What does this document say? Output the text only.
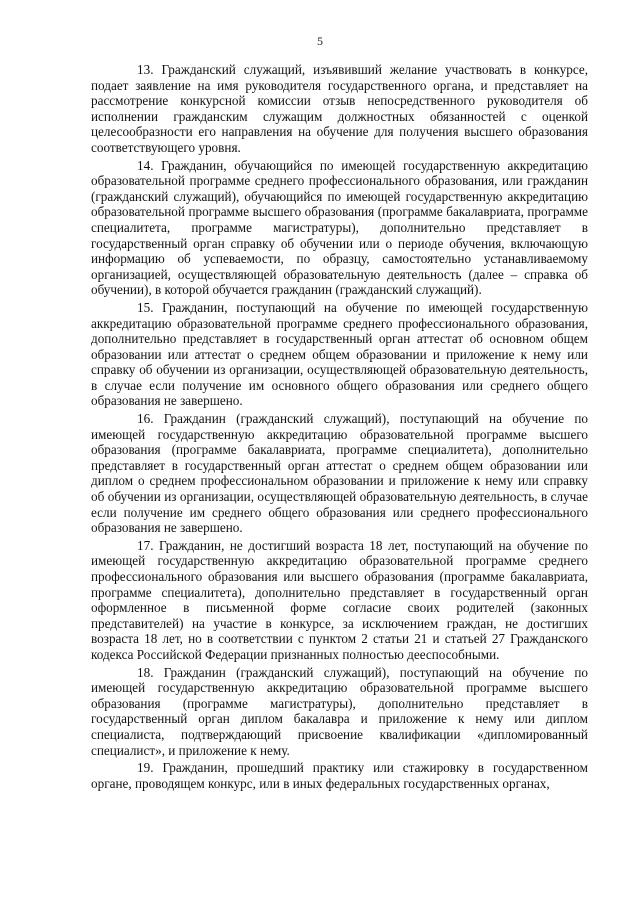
5

13. Гражданский служащий, изъявивший желание участвовать в конкурсе, подает заявление на имя руководителя государственного органа, и представляет на рассмотрение конкурсной комиссии отзыв непосредственного руководителя об исполнении гражданским служащим должностных обязанностей с оценкой целесообразности его направления на обучение для получения высшего образования соответствующего уровня.

14. Гражданин, обучающийся по имеющей государственную аккредитацию образовательной программе среднего профессионального образования, или гражданин (гражданский служащий), обучающийся по имеющей государственную аккредитацию образовательной программе высшего образования (программе бакалавриата, программе специалитета, программе магистратуры), дополнительно представляет в государственный орган справку об обучении или о периоде обучения, включающую информацию об успеваемости, по образцу, самостоятельно устанавливаемому организацией, осуществляющей образовательную деятельность (далее – справка об обучении), в которой обучается гражданин (гражданский служащий).

15. Гражданин, поступающий на обучение по имеющей государственную аккредитацию образовательной программе среднего профессионального образования, дополнительно представляет в государственный орган аттестат об основном общем образовании или аттестат о среднем общем образовании и приложение к нему или справку об обучении из организации, осуществляющей образовательную деятельность, в случае если получение им основного общего образования или среднего общего образования не завершено.

16. Гражданин (гражданский служащий), поступающий на обучение по имеющей государственную аккредитацию образовательной программе высшего образования (программе бакалавриата, программе специалитета), дополнительно представляет в государственный орган аттестат о среднем общем образовании или диплом о среднем профессиональном образовании и приложение к нему или справку об обучении из организации, осуществляющей образовательную деятельность, в случае если получение им среднего общего образования или среднего профессионального образования не завершено.

17. Гражданин, не достигший возраста 18 лет, поступающий на обучение по имеющей государственную аккредитацию образовательной программе среднего профессионального образования или высшего образования (программе бакалавриата, программе специалитета), дополнительно представляет в государственный орган оформленное в письменной форме согласие своих родителей (законных представителей) на участие в конкурсе, за исключением граждан, не достигших возраста 18 лет, но в соответствии с пунктом 2 статьи 21 и статьей 27 Гражданского кодекса Российской Федерации признанных полностью дееспособными.

18. Гражданин (гражданский служащий), поступающий на обучение по имеющей государственную аккредитацию образовательной программе высшего образования (программе магистратуры), дополнительно представляет в государственный орган диплом бакалавра и приложение к нему или диплом специалиста, подтверждающий присвоение квалификации «дипломированный специалист», и приложение к нему.

19. Гражданин, прошедший практику или стажировку в государственном органе, проводящем конкурс, или в иных федеральных государственных органах,
